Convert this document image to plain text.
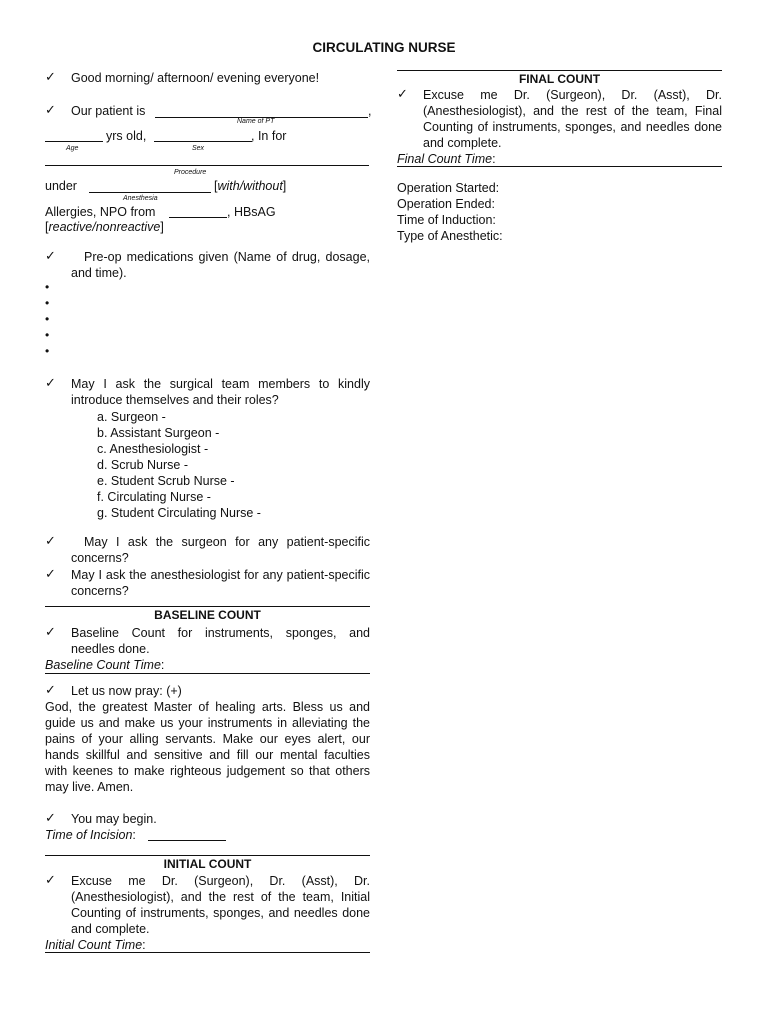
CIRCULATING NURSE
✓ Good morning/ afternoon/ evening everyone!
✓ Our patient is	,
Name of PT
yrs old,	, In for
Age	Sex
Procedure
under	[with/without]
Anesthesia
Allergies, NPO from	, HBsAG
[reactive/nonreactive]
✓	Pre-op medications given (Name of drug, dosage, and time).
•
•
•
•
•
✓ May I ask the surgical team members to kindly introduce themselves and their roles?
a. Surgeon -
b. Assistant Surgeon -
c. Anesthesiologist -
d. Scrub Nurse -
e. Student Scrub Nurse -
f. Circulating Nurse -
g. Student Circulating Nurse -
✓	May I ask the surgeon for any patient-specific concerns?
✓ May I ask the anesthesiologist for any patient-specific concerns?
BASELINE COUNT
✓ Baseline Count for instruments, sponges, and needles done.
Baseline Count Time:
✓ Let us now pray: (+)
God, the greatest Master of healing arts. Bless us and guide us and make us your instruments in alleviating the pains of your alling servants. Make our eyes alert, our hands skillful and sensitive and fill our mental faculties with keenes to make righteous judgement so that others may live. Amen.
✓ You may begin.
Time of Incision:
INITIAL COUNT
✓ Excuse me Dr. (Surgeon), Dr. (Asst), Dr. (Anesthesiologist), and the rest of the team, Initial Counting of instruments, sponges, and needles done and complete.
Initial Count Time:
FINAL COUNT
✓ Excuse me Dr. (Surgeon), Dr. (Asst), Dr. (Anesthesiologist), and the rest of the team, Final Counting of instruments, sponges, and needles done and complete.
Final Count Time:
Operation Started:
Operation Ended:
Time of Induction:
Type of Anesthetic:
